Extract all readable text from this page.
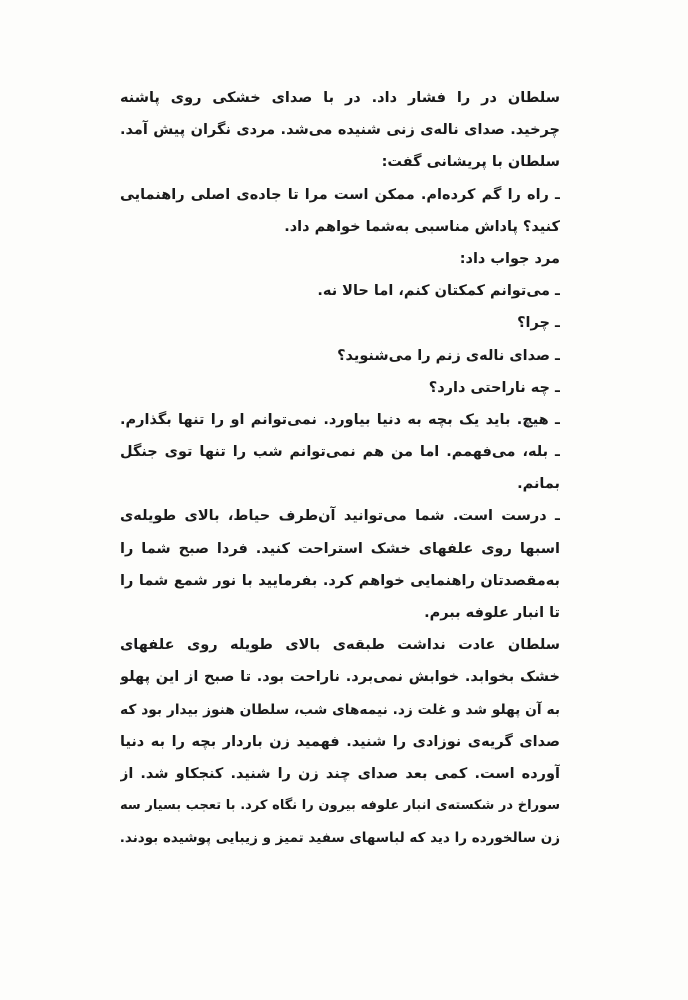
سلطان در را فشار داد. در با صدای خشکی روی پاشنه
چرخید. صدای ناله‌ی زنی شنیده می‌شد. مردی نگران پیش آمد.
سلطان با پریشانی گفت:
ـ راه را گم کرده‌ام. ممکن است مرا تا جاده‌ی اصلی راهنمایی
کنید؟ پاداش مناسبی به‌شما خواهم داد.
مرد جواب داد:
ـ می‌توانم کمکتان کنم، اما حالا نه.
ـ چرا؟
ـ صدای ناله‌ی زنم را می‌شنوید؟
ـ چه ناراحتی دارد؟
ـ هیچ. باید یک بچه به دنیا بیاورد. نمی‌توانم او را تنها بگذارم.
ـ بله، می‌فهمم. اما من هم نمی‌توانم شب را تنها توی جنگل
بمانم.
ـ درست است. شما می‌توانید آن‌طرف حیاط، بالای طویله‌ی
اسبها روی علفهای خشک استراحت کنید. فردا صبح شما را
به‌مقصدتان راهنمایی خواهم کرد. بفرمایید با نور شمع شما را
تا انبار علوفه ببرم.
سلطان عادت نداشت طبقه‌ی بالای طویله روی علفهای
خشک بخوابد. خوابش نمی‌برد. ناراحت بود. تا صبح از این پهلو
به آن پهلو شد و غلت زد. نیمه‌های شب، سلطان هنوز بیدار بود که
صدای گریه‌ی نوزادی را شنید. فهمید زن باردار بچه را به دنیا
آورده است. کمی بعد صدای چند زن را شنید. کنجکاو شد. از
سوراخ در شکسته‌ی انبار علوفه بیرون را نگاه کرد. با تعجب بسیار سه
زن سالخورده را دید که لباسهای سفید تمیز و زیبایی پوشیده بودند.
